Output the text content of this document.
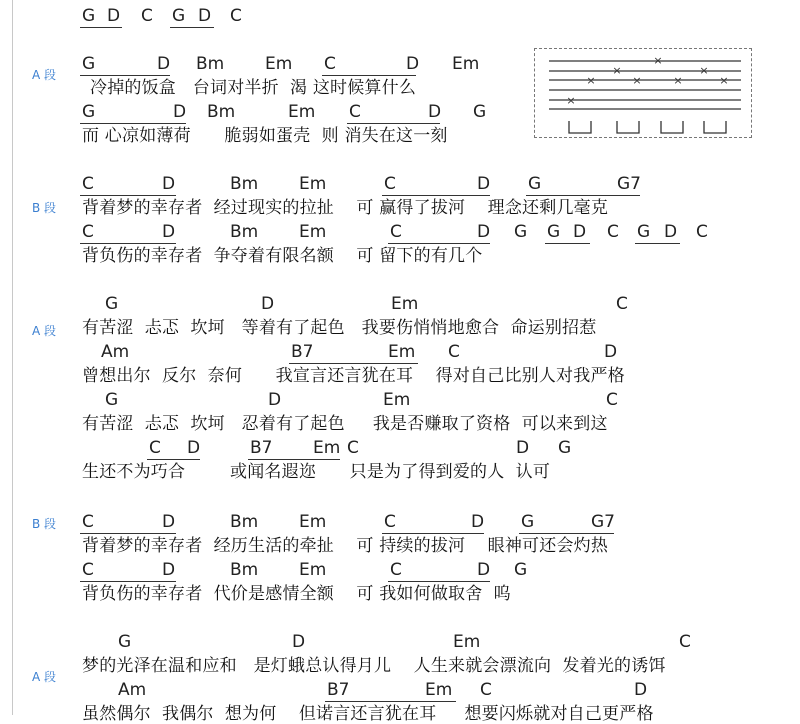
A 段
B 段
A 段
B 段
A 段
×
×
×
×
×
×
×
×
G D C G D C
G	D Bm Em C	D Em
冷掉的饭盒   台词对半折  渴 这时候算什么
G	D Bm	Em C	D G
而 心凉如薄荷      脆弱如蛋壳  则 消失在这一刻
C	D	Bm Em	C	D G	G7
背着梦的幸存者  经过现实的拉扯    可 赢得了拔河    理念还剩几毫克
C	D	Bm Em	C	D G G D C G D C
背负伤的幸存者  争夺着有限名额    可 留下的有几个
G	D	Em	C
有苦涩  忐忑  坎坷   等着有了起色   我要伤悄悄地愈合  命运别招惹
Am	B7	Em C	D
曾想出尔  反尔  奈何      我宣言还言犹在耳    得对自己比别人对我严格
G	D	Em	C
有苦涩  忐忑  坎坷   忍着有了起色     我是否赚取了资格  可以来到这
C D	B7 Em C	D G
生还不为巧合        或闻名遐迩      只是为了得到爱的人  认可
C	D	Bm Em	C	D G	G7
背着梦的幸存者  经历生活的牵扯    可 持续的拔河    眼神可还会灼热
C	D	Bm Em	C	D G
背负伤的幸存者  代价是感情全额    可 我如何做取舍  呜
G	D	Em	C
梦的光泽在温和应和   是灯蛾总认得月儿    人生来就会漂流向  发着光的诱饵
Am	B7	Em C	D
虽然偶尔  我偶尔  想为何    但诺言还言犹在耳     想要闪烁就对自己更严格
